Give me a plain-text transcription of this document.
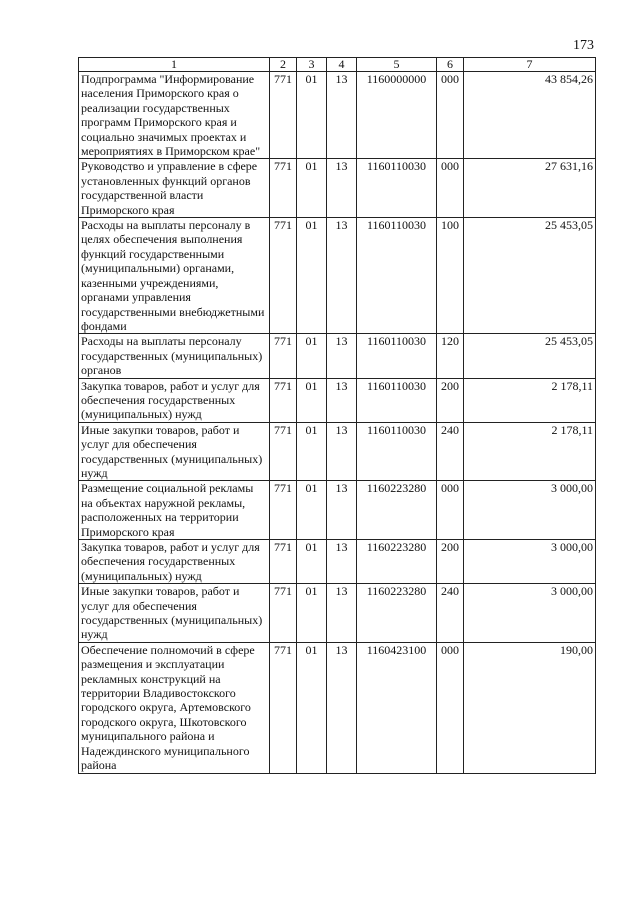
173
1	2	3	4	5	6	7
Подпрограмма "Информирование населения Приморского края о реализации государственных программ Приморского края и социально значимых проектах и мероприятиях в Приморском крае"	771	01	13	1160000000	000	43 854,26
Руководство и управление в сфере установленных функций органов государственной власти Приморского края	771	01	13	1160110030	000	27 631,16
Расходы на выплаты персоналу в целях обеспечения выполнения функций государственными (муниципальными) органами, казенными учреждениями, органами управления государственными внебюджетными фондами	771	01	13	1160110030	100	25 453,05
Расходы на выплаты персоналу государственных (муниципальных) органов	771	01	13	1160110030	120	25 453,05
Закупка товаров, работ и услуг для обеспечения государственных (муниципальных) нужд	771	01	13	1160110030	200	2 178,11
Иные закупки товаров, работ и услуг для обеспечения государственных (муниципальных) нужд	771	01	13	1160110030	240	2 178,11
Размещение социальной рекламы на объектах наружной рекламы, расположенных на территории Приморского края	771	01	13	1160223280	000	3 000,00
Закупка товаров, работ и услуг для обеспечения государственных (муниципальных) нужд	771	01	13	1160223280	200	3 000,00
Иные закупки товаров, работ и услуг для обеспечения государственных (муниципальных) нужд	771	01	13	1160223280	240	3 000,00
Обеспечение полномочий в сфере размещения и эксплуатации рекламных конструкций на территории Владивостокского городского округа, Артемовского городского округа, Шкотовского муниципального района и Надеждинского муниципального района	771	01	13	1160423100	000	190,00
